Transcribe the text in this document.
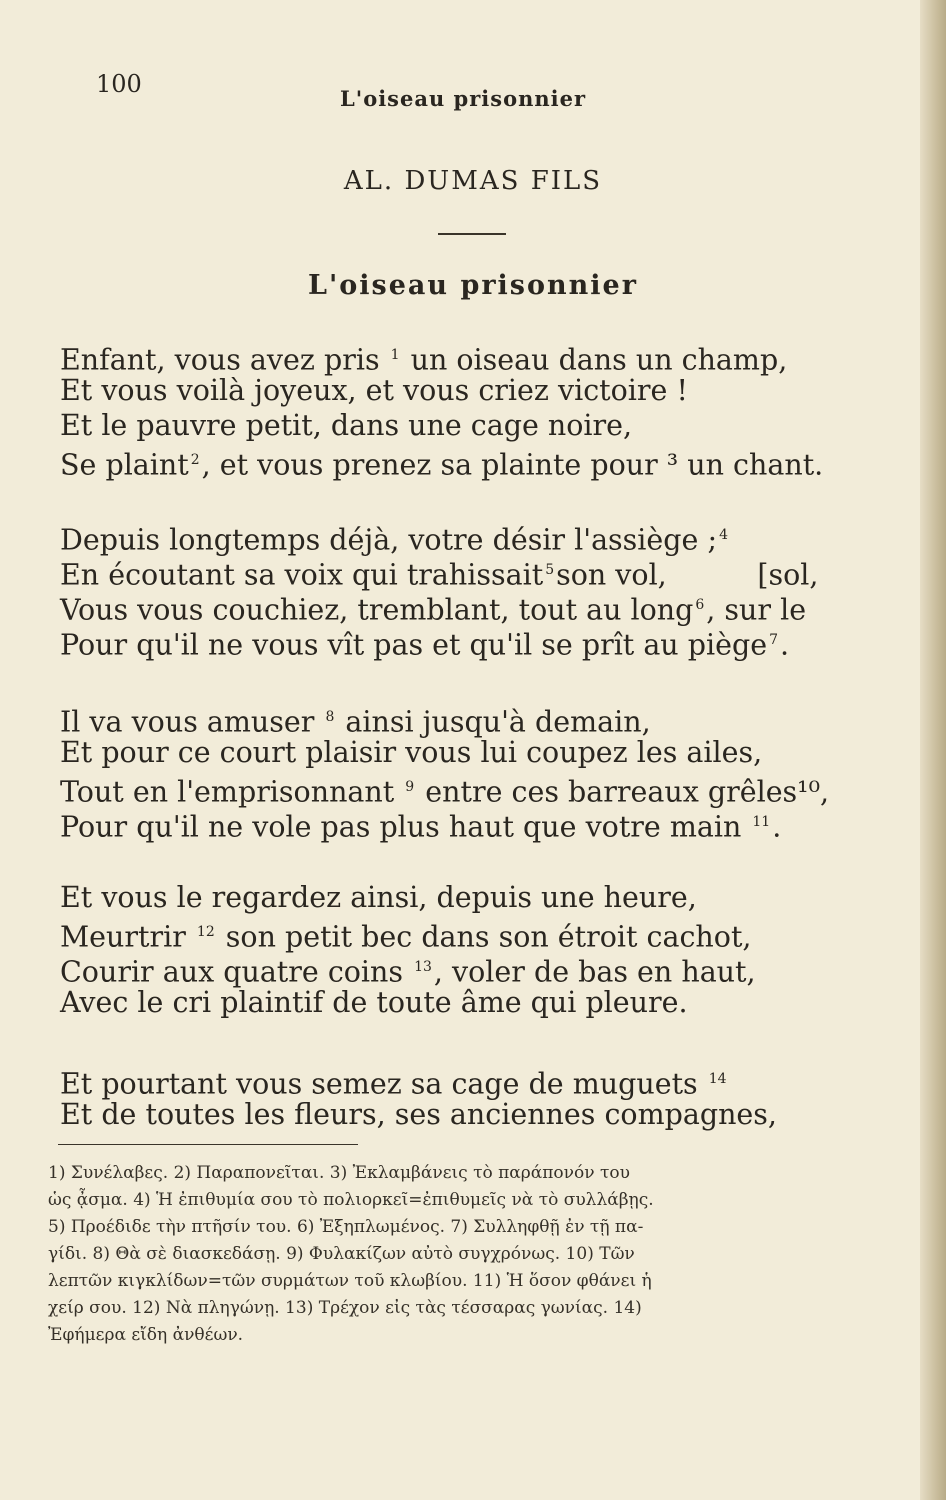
100
L'oiseau prisonnier
AL. DUMAS FILS
L'oiseau prisonnier
Enfant, vous avez pris $^1$ un oiseau dans un champ,
Et vous voilà joyeux, et vous criez victoire !
Et le pauvre petit, dans une cage noire,
Se plaint $^2$, et vous prenez sa plainte pour ³ un chant.
Depuis longtemps déjà, votre désir l'assiège ; $^4$
En écoutant sa voix qui trahissait $^5$son vol,          [sol,
Vous vous couchiez, tremblant, tout au long $^6$, sur le
Pour qu'il ne vous vît pas et qu'il se prît au piège $^7$.
Il va vous amuser $^8$ ainsi jusqu'à demain,
Et pour ce court plaisir vous lui coupez les ailes,
Tout en l'emprisonnant $^9$ entre ces barreaux grêles¹⁰,
Pour qu'il ne vole pas plus haut que votre main $^{11}$.
Et vous le regardez ainsi, depuis une heure,
Meurtrir $^{12}$ son petit bec dans son étroit cachot,
Courir aux quatre coins $^{13}$, voler de bas en haut,
Avec le cri plaintif de toute âme qui pleure.
Et pourtant vous semez sa cage de muguets $^{14}$
Et de toutes les fleurs, ses anciennes compagnes,
1) Συνέλαβες. 2) Παραπονεῖται. 3) Ἐκλαμβάνεις τὸ παράπονόν του
ὡς ᾆσμα. 4) Ἡ ἐπιθυμία σου τὸ πολιορκεῖ=ἐπιθυμεῖς νὰ τὸ συλλάβῃς.
5) Προέδιδε τὴν πτῆσίν του. 6) Ἐξηπλωμένος. 7) Συλληφθῇ ἐν τῇ πα-
γίδι. 8) Θὰ σὲ διασκεδάσῃ. 9) Φυλακίζων αὐτὸ συγχρόνως. 10) Τῶν
λεπτῶν κιγκλίδων=τῶν συρμάτων τοῦ κλωβίου. 11) Ἡ ὅσον φθάνει ἡ
χείρ σου. 12) Νὰ πληγώνῃ. 13) Τρέχον εἰς τὰς τέσσαρας γωνίας. 14)
Ἐφήμερα εἴδη ἀνθέων.
